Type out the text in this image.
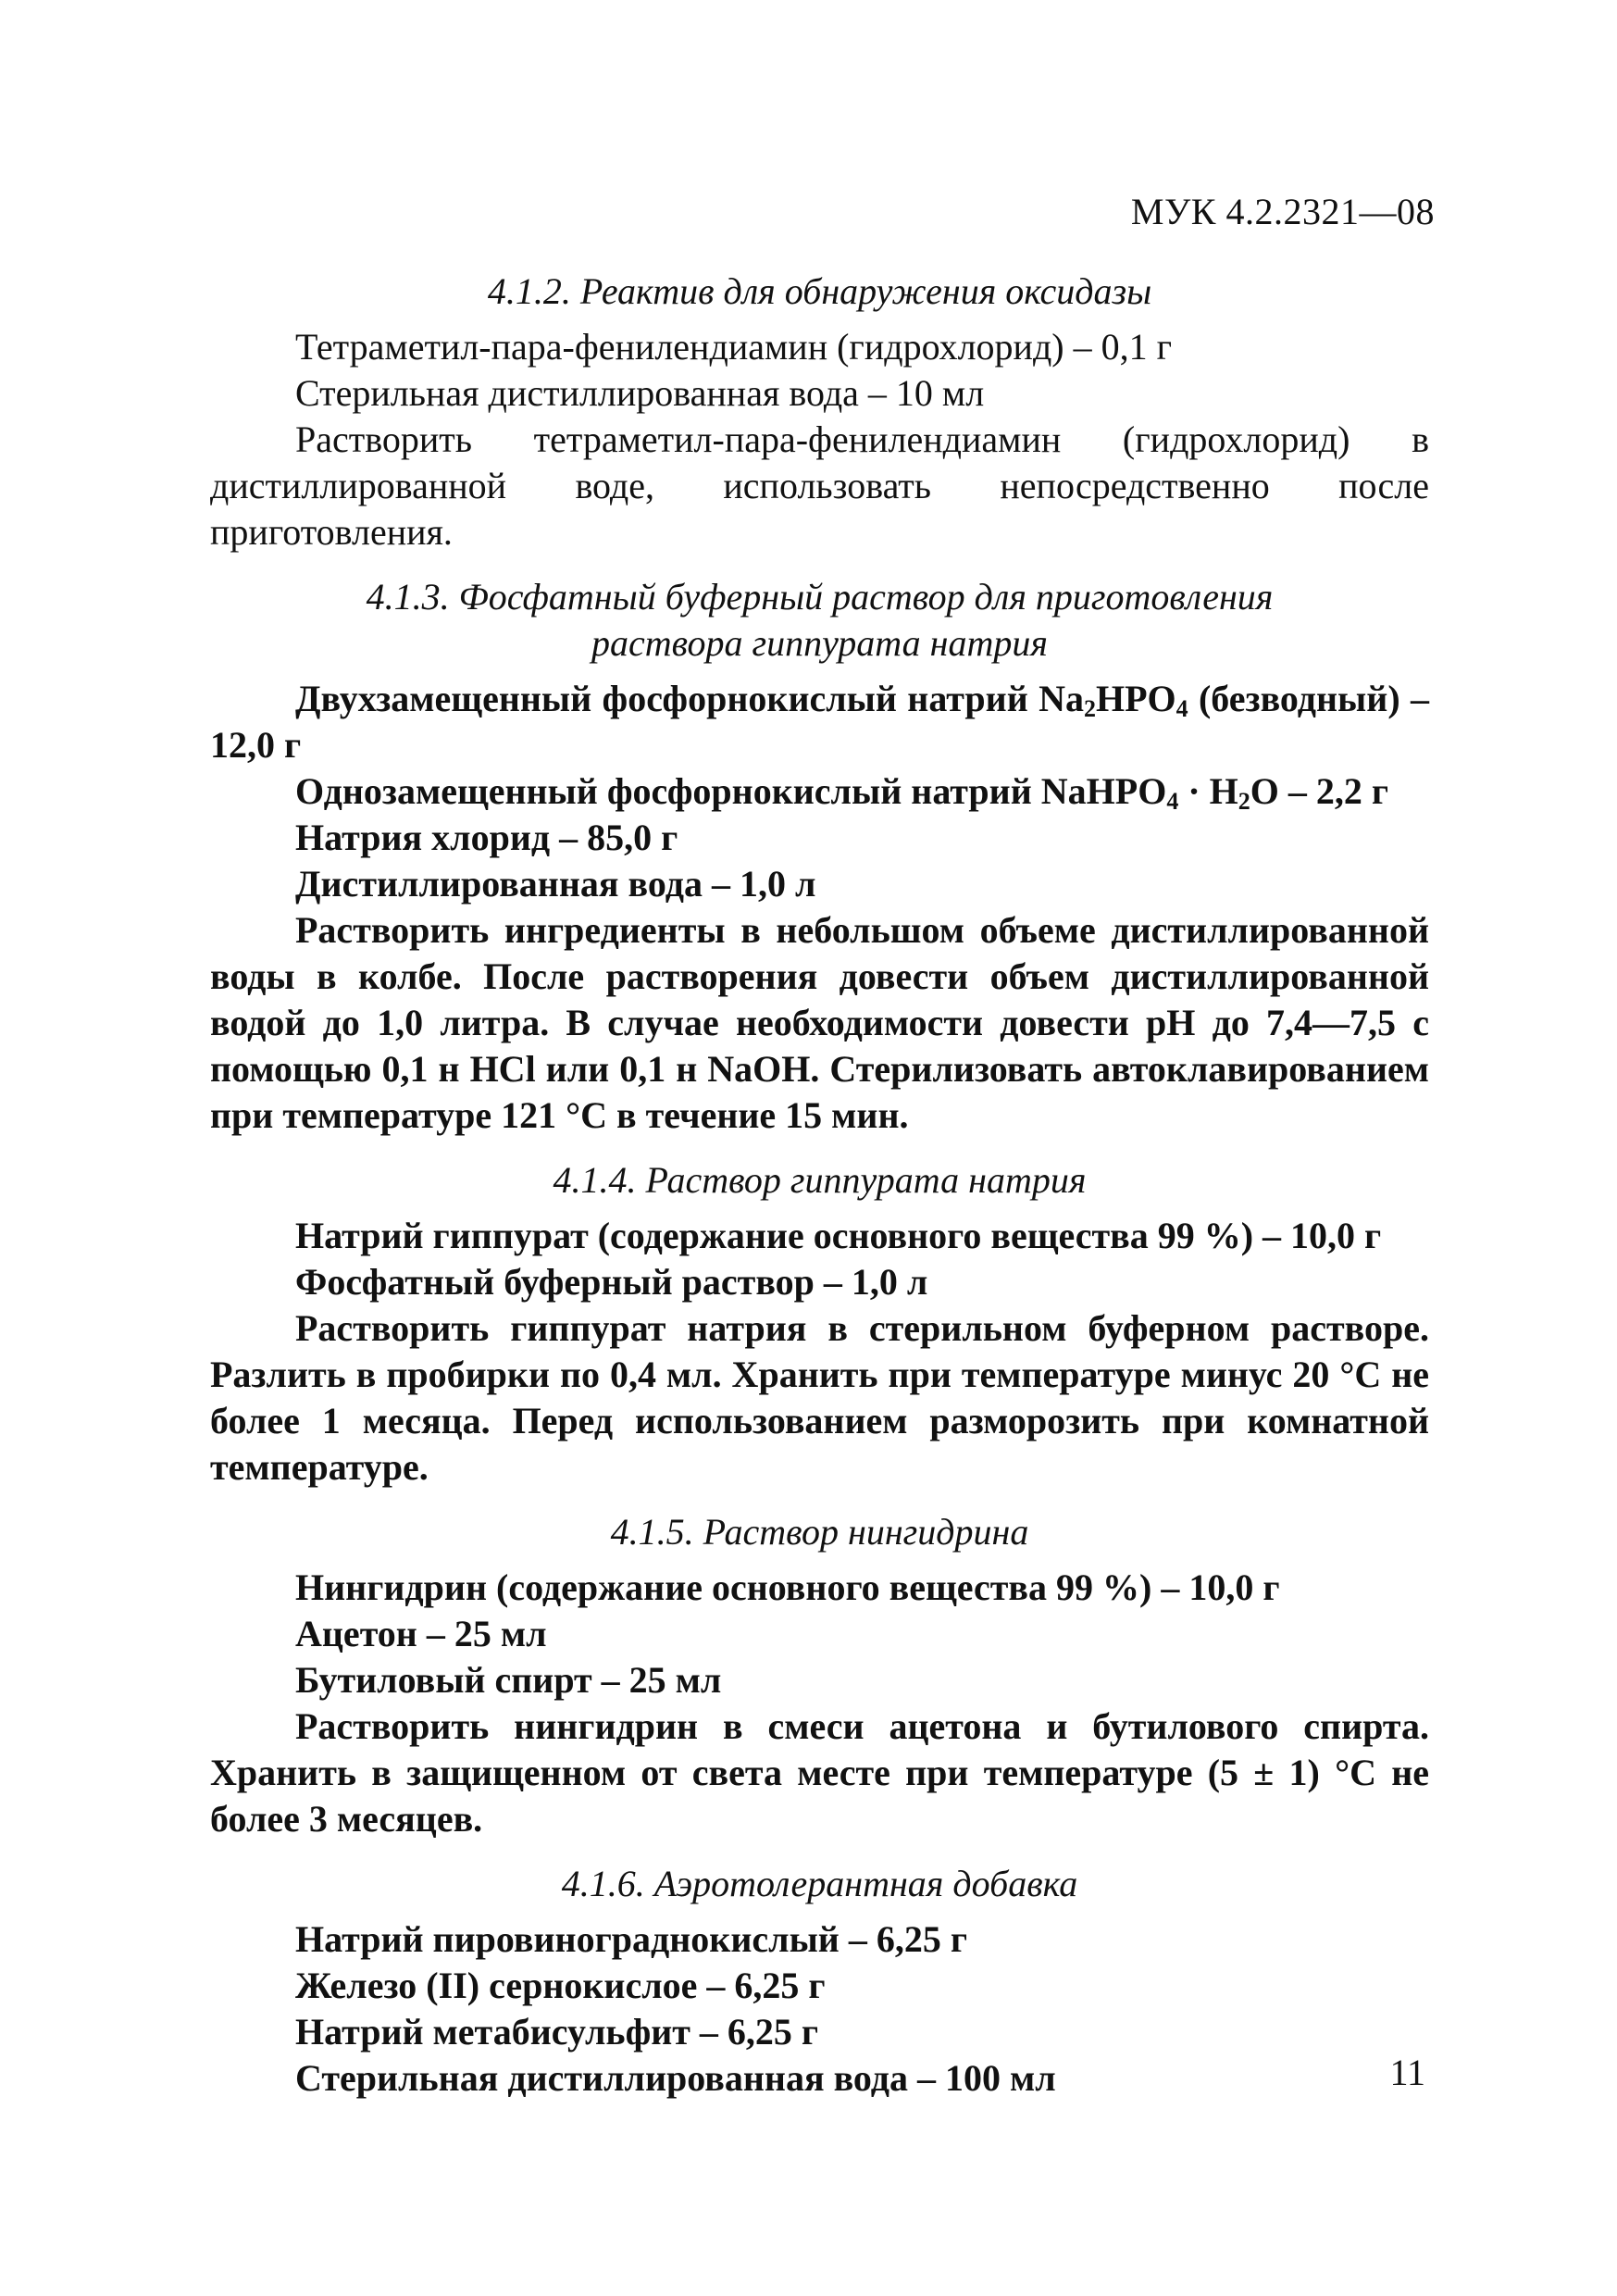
МУК 4.2.2321—08
4.1.2. Реактив для обнаружения оксидазы
Тетраметил-пара-фенилендиамин (гидрохлорид) – 0,1 г
Стерильная дистиллированная вода – 10 мл

Растворить тетраметил-пара-фенилендиамин (гидрохлорид) в дистиллированной воде, использовать непосредственно после приготовления.

4.1.3. Фосфатный буферный раствор для приготовления
раствора гиппурата натрия

Двухзамещенный фосфорнокислый натрий $Na_2HPO_4$ (безводный) – 12,0 г

Однозамещенный фосфорнокислый натрий NaHPO$_4$ · $H_2O - 2,2$ г
Натрия хлорид – 85,0 г
Дистиллированная вода – 1,0 л

Растворить ингредиенты в небольшом объеме дистиллированной воды в колбе. После растворения довести объем дистиллированной водой до 1,0 литра. В случае необходимости довести pH до 7,4—7,5 с помощью 0,1 н HCl или 0,1 н NaOH. Стерилизовать автоклавированием при температуре 121 °C в течение 15 мин.

4.1.4. Раствор гиппурата натрия
Натрий гиппурат (содержание основного вещества 99 %) – 10,0 г
Фосфатный буферный раствор – 1,0 л

Растворить гиппурат натрия в стерильном буферном растворе. Разлить в пробирки по 0,4 мл. Хранить при температуре минус 20 °C не более 1 месяца. Перед использованием разморозить при комнатной температуре.

4.1.5. Раствор нингидрина
Нингидрин (содержание основного вещества 99 %) – 10,0 г
Ацетон – 25 мл
Бутиловый спирт – 25 мл

Растворить нингидрин в смеси ацетона и бутилового спирта. Хранить в защищенном от света месте при температуре (5 ± 1) °C не более 3 месяцев.

4.1.6. Аэротолерантная добавка
Натрий пировинограднокислый – 6,25 г
Железо (II) сернокислое – 6,25 г
Натрий метабисульфит – 6,25 г
Стерильная дистиллированная вода – 100 мл	11
